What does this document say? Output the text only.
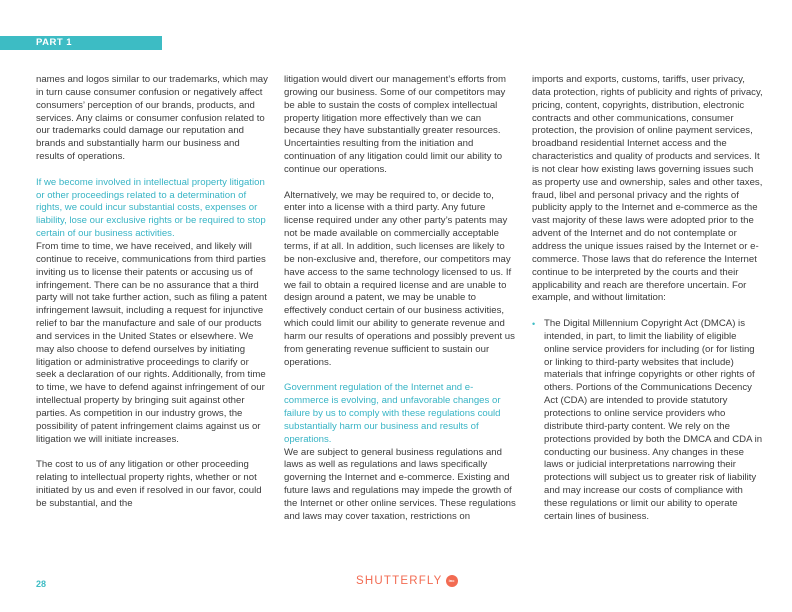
PART 1

names and logos similar to our trademarks, which may in turn cause consumer confusion or negatively affect consumers’ perception of our brands, products, and services. Any claims or consumer confusion related to our trademarks could damage our reputation and brands and substantially harm our business and results of operations.

If we become involved in intellectual property litigation or other proceedings related to a determination of rights, we could incur substantial costs, expenses or liability, lose our exclusive rights or be required to stop certain of our business activities.

From time to time, we have received, and likely will continue to receive, communications from third parties inviting us to license their patents or accusing us of infringement. There can be no assurance that a third party will not take further action, such as filing a patent infringement lawsuit, including a request for injunctive relief to bar the manufacture and sale of our products and services in the United States or elsewhere. We may also choose to defend ourselves by initiating litigation or administrative proceedings to clarify or seek a declaration of our rights. Additionally, from time to time, we have to defend against infringement of our intellectual property by bringing suit against other parties. As competition in our industry grows, the possibility of patent infringement claims against us or litigation we will initiate increases.

The cost to us of any litigation or other proceeding relating to intellectual property rights, whether or not initiated by us and even if resolved in our favor, could be substantial, and the

litigation would divert our management’s efforts from growing our business. Some of our competitors may be able to sustain the costs of complex intellectual property litigation more effectively than we can because they have substantially greater resources. Uncertainties resulting from the initiation and continuation of any litigation could limit our ability to continue our operations.

Alternatively, we may be required to, or decide to, enter into a license with a third party. Any future license required under any other party’s patents may not be made available on commercially acceptable terms, if at all. In addition, such licenses are likely to be non-exclusive and, therefore, our competitors may have access to the same technology licensed to us. If we fail to obtain a required license and are unable to design around a patent, we may be unable to effectively conduct certain of our business activities, which could limit our ability to generate revenue and harm our results of operations and possibly prevent us from generating revenue sufficient to sustain our operations.

Government regulation of the Internet and e-commerce is evolving, and unfavorable changes or failure by us to comply with these regulations could substantially harm our business and results of operations.

We are subject to general business regulations and laws as well as regulations and laws specifically governing the Internet and e-commerce. Existing and future laws and regulations may impede the growth of the Internet or other online services. These regulations and laws may cover taxation, restrictions on

imports and exports, customs, tariffs, user privacy, data protection, rights of publicity and rights of privacy, pricing, content, copyrights, distribution, electronic contracts and other communications, consumer protection, the provision of online payment services, broadband residential Internet access and the characteristics and quality of products and services. It is not clear how existing laws governing issues such as property use and ownership, sales and other taxes, fraud, libel and personal privacy and the rights of publicity apply to the Internet and e-commerce as the vast majority of these laws were adopted prior to the advent of the Internet and do not contemplate or address the unique issues raised by the Internet or e-commerce. Those laws that do reference the Internet continue to be interpreted by the courts and their applicability and reach are therefore uncertain. For example, and without limitation:

• The Digital Millennium Copyright Act (DMCA) is intended, in part, to limit the liability of eligible online service providers for including (or for listing or linking to third-party websites that include) materials that infringe copyrights or other rights of others. Portions of the Communications Decency Act (CDA) are intended to provide statutory protections to online service providers who distribute third-party content. We rely on the protections provided by both the DMCA and CDA in conducting our business. Any changes in these laws or judicial interpretations narrowing their protections will subject us to greater risk of liability and may increase our costs of compliance with these regulations or limit our ability to operate certain lines of business.
28	SHUTTERFLY	inc
